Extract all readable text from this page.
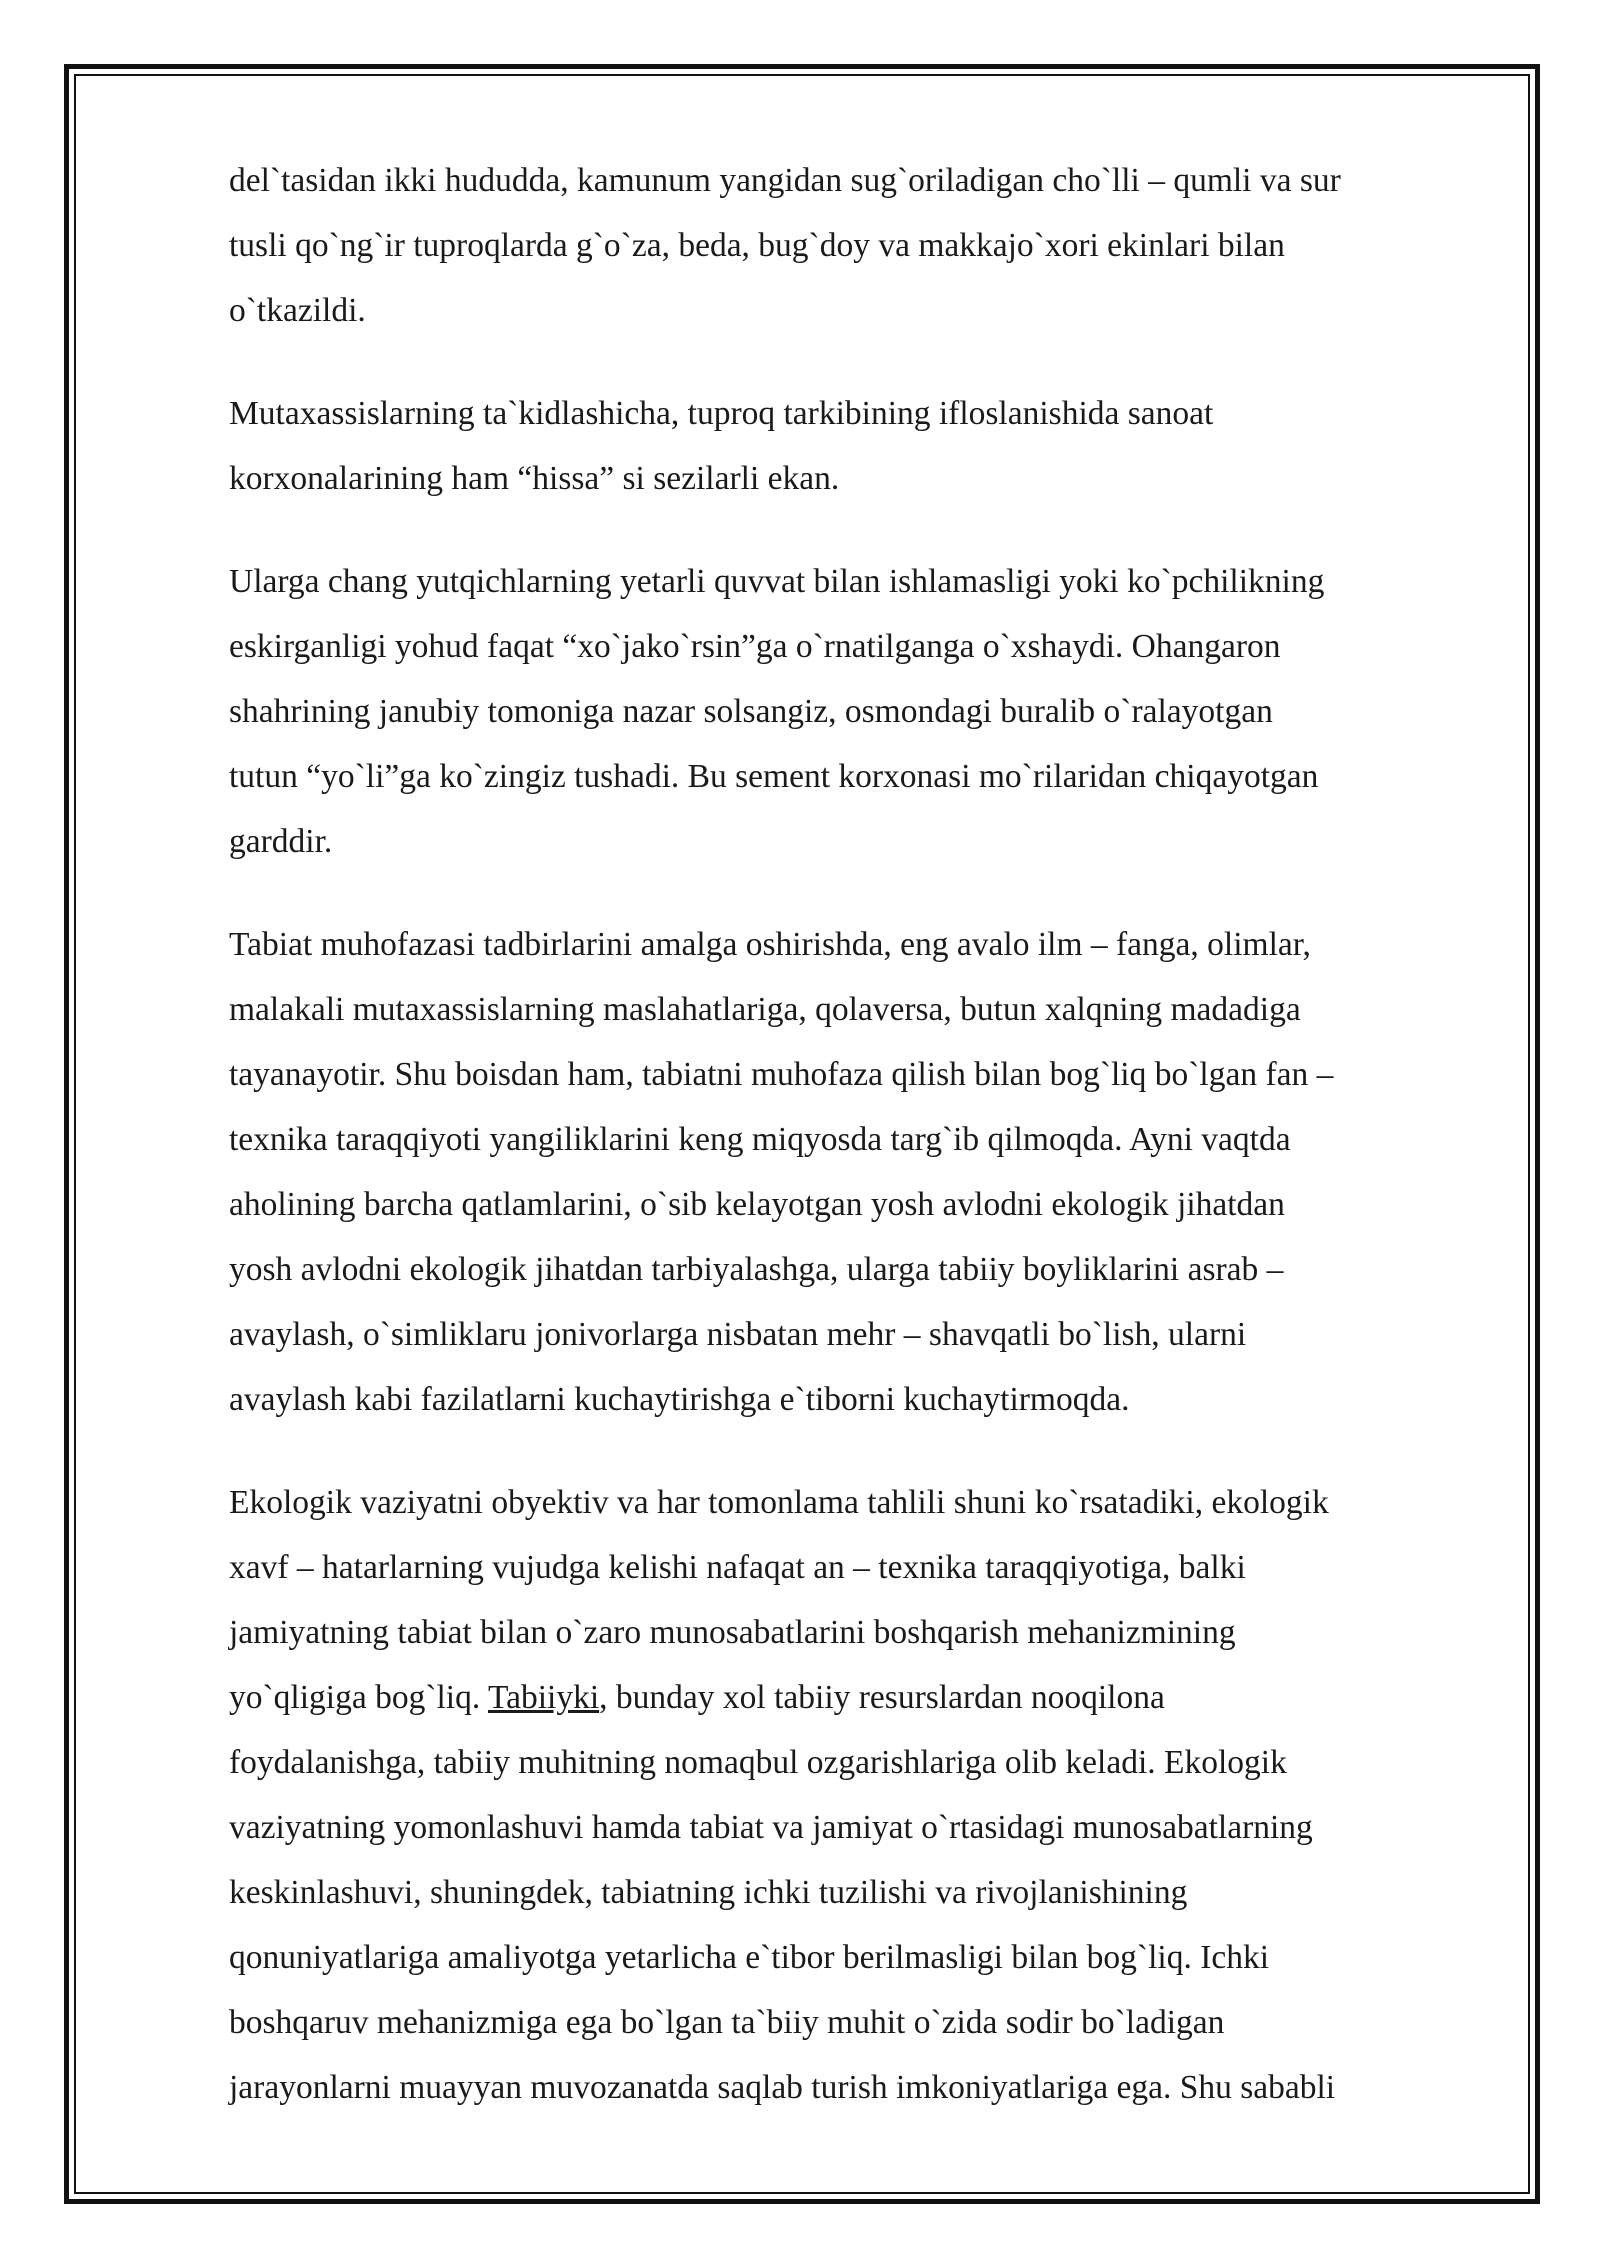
del`tasidan ikki hududda, kamunum yangidan sug`oriladigan cho`lli – qumli va sur
tusli qo`ng`ir tuproqlarda g`o`za, beda, bug`doy va makkajo`xori ekinlari bilan
o`tkazildi.

Mutaxassislarning ta`kidlashicha, tuproq tarkibining ifloslanishida sanoat
korxonalarining ham “hissa” si sezilarli ekan.

Ularga chang yutqichlarning yetarli quvvat bilan ishlamasligi yoki ko`pchilikning
eskirganligi yohud faqat “xo`jako`rsin”ga o`rnatilganga o`xshaydi. Ohangaron
shahrining janubiy tomoniga nazar solsangiz, osmondagi buralib o`ralayotgan
tutun “yo`li”ga ko`zingiz tushadi. Bu sement korxonasi mo`rilaridan chiqayotgan
garddir.

Tabiat muhofazasi tadbirlarini amalga oshirishda, eng avalo ilm – fanga, olimlar,
malakali mutaxassislarning maslahatlariga, qolaversa, butun xalqning madadiga
tayanayotir. Shu boisdan ham, tabiatni muhofaza qilish bilan bog`liq bo`lgan fan –
texnika taraqqiyoti yangiliklarini keng miqyosda targ`ib qilmoqda. Ayni vaqtda
aholining barcha qatlamlarini, o`sib kelayotgan yosh avlodni ekologik jihatdan
yosh avlodni ekologik jihatdan tarbiyalashga, ularga tabiiy boyliklarini asrab –
avaylash, o`simliklaru jonivorlarga nisbatan mehr – shavqatli bo`lish, ularni
avaylash kabi fazilatlarni kuchaytirishga e`tiborni kuchaytirmoqda.

Ekologik vaziyatni obyektiv va har tomonlama tahlili shuni ko`rsatadiki, ekologik
xavf – hatarlarning vujudga kelishi nafaqat an – texnika taraqqiyotiga, balki
jamiyatning tabiat bilan o`zaro munosabatlarini boshqarish mehanizmining
yo`qligiga bog`liq. Tabiiyki, bunday xol tabiiy resurslardan nooqilona
foydalanishga, tabiiy muhitning nomaqbul ozgarishlariga olib keladi. Ekologik
vaziyatning yomonlashuvi hamda tabiat va jamiyat o`rtasidagi munosabatlarning
keskinlashuvi, shuningdek, tabiatning ichki tuzilishi va rivojlanishining
qonuniyatlariga amaliyotga yetarlicha e`tibor berilmasligi bilan bog`liq. Ichki
boshqaruv mehanizmiga ega bo`lgan ta`biiy muhit o`zida sodir bo`ladigan
jarayonlarni muayyan muvozanatda saqlab turish imkoniyatlariga ega. Shu sababli
